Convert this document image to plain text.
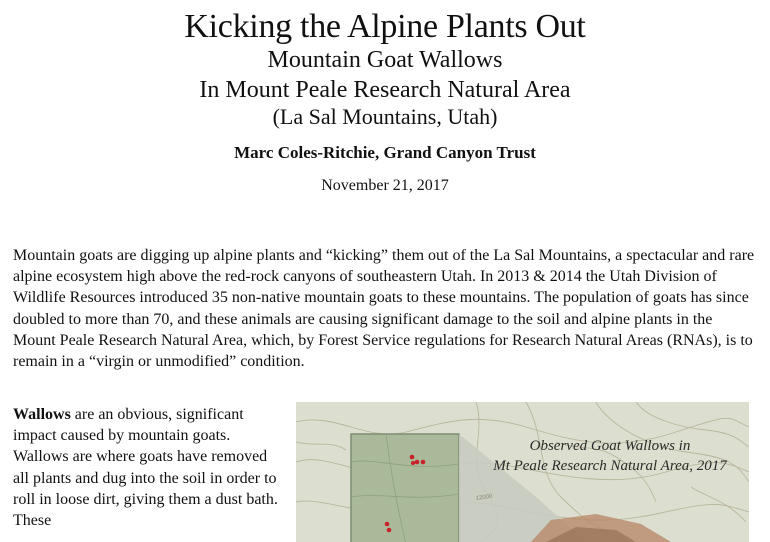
Kicking the Alpine Plants Out
Mountain Goat Wallows
In Mount Peale Research Natural Area
(La Sal Mountains, Utah)
Marc Coles-Ritchie, Grand Canyon Trust
November 21, 2017

Mountain goats are digging up alpine plants and “kicking” them out of the La Sal Mountains, a spectacular and rare alpine ecosystem high above the red-rock canyons of southeastern Utah. In 2013 & 2014 the Utah Division of Wildlife Resources introduced 35 non-native mountain goats to these mountains. The population of goats has since doubled to more than 70, and these animals are causing significant damage to the soil and alpine plants in the Mount Peale Research Natural Area, which, by Forest Service regulations for Research Natural Areas (RNAs), is to remain in a “virgin or unmodified” condition.

Wallows are an obvious, significant impact caused by mountain goats. Wallows are where goats have removed all plants and dug into the soil in order to roll in loose dirt, giving them a dust bath. These

12000
Observed Goat Wallows in
Mt Peale Research Natural Area, 2017
